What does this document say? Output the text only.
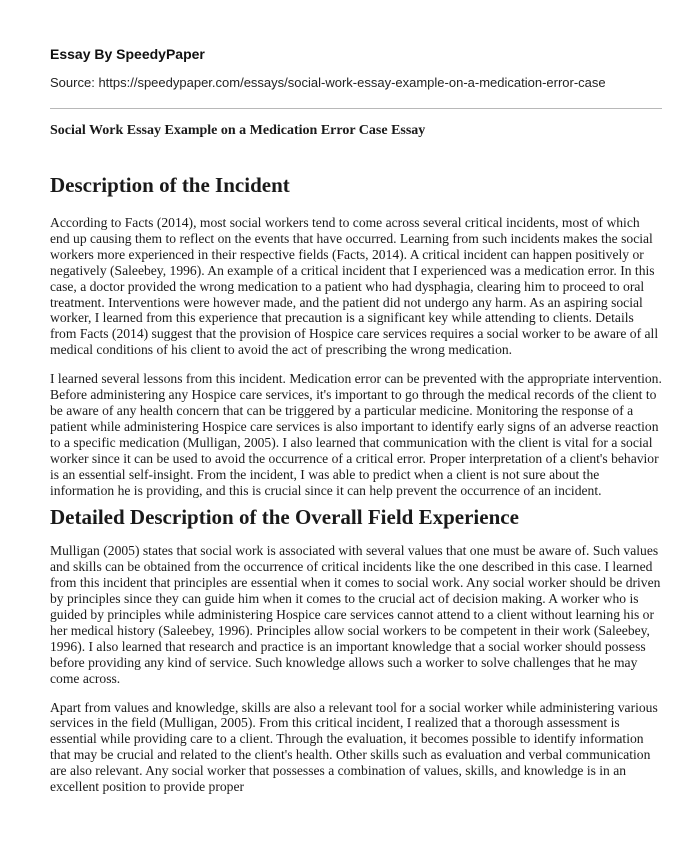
Essay By SpeedyPaper
Source: https://speedypaper.com/essays/social-work-essay-example-on-a-medication-error-case
Social Work Essay Example on a Medication Error Case Essay
Description of the Incident

According to Facts (2014), most social workers tend to come across several critical incidents, most of which end up causing them to reflect on the events that have occurred. Learning from such incidents makes the social workers more experienced in their respective fields (Facts, 2014). A critical incident can happen positively or negatively (Saleebey, 1996). An example of a critical incident that I experienced was a medication error. In this case, a doctor provided the wrong medication to a patient who had dysphagia, clearing him to proceed to oral treatment. Interventions were however made, and the patient did not undergo any harm. As an aspiring social worker, I learned from this experience that precaution is a significant key while attending to clients. Details from Facts (2014) suggest that the provision of Hospice care services requires a social worker to be aware of all medical conditions of his client to avoid the act of prescribing the wrong medication.

I learned several lessons from this incident. Medication error can be prevented with the appropriate intervention. Before administering any Hospice care services, it's important to go through the medical records of the client to be aware of any health concern that can be triggered by a particular medicine. Monitoring the response of a patient while administering Hospice care services is also important to identify early signs of an adverse reaction to a specific medication (Mulligan, 2005). I also learned that communication with the client is vital for a social worker since it can be used to avoid the occurrence of a critical error. Proper interpretation of a client's behavior is an essential self-insight. From the incident, I was able to predict when a client is not sure about the information he is providing, and this is crucial since it can help prevent the occurrence of an incident.

Detailed Description of the Overall Field Experience

Mulligan (2005) states that social work is associated with several values that one must be aware of. Such values and skills can be obtained from the occurrence of critical incidents like the one described in this case. I learned from this incident that principles are essential when it comes to social work. Any social worker should be driven by principles since they can guide him when it comes to the crucial act of decision making. A worker who is guided by principles while administering Hospice care services cannot attend to a client without learning his or her medical history (Saleebey, 1996). Principles allow social workers to be competent in their work (Saleebey, 1996). I also learned that research and practice is an important knowledge that a social worker should possess before providing any kind of service. Such knowledge allows such a worker to solve challenges that he may come across.

Apart from values and knowledge, skills are also a relevant tool for a social worker while administering various services in the field (Mulligan, 2005). From this critical incident, I realized that a thorough assessment is essential while providing care to a client. Through the evaluation, it becomes possible to identify information that may be crucial and related to the client's health. Other skills such as evaluation and verbal communication are also relevant. Any social worker that possesses a combination of values, skills, and knowledge is in an excellent position to provide proper
